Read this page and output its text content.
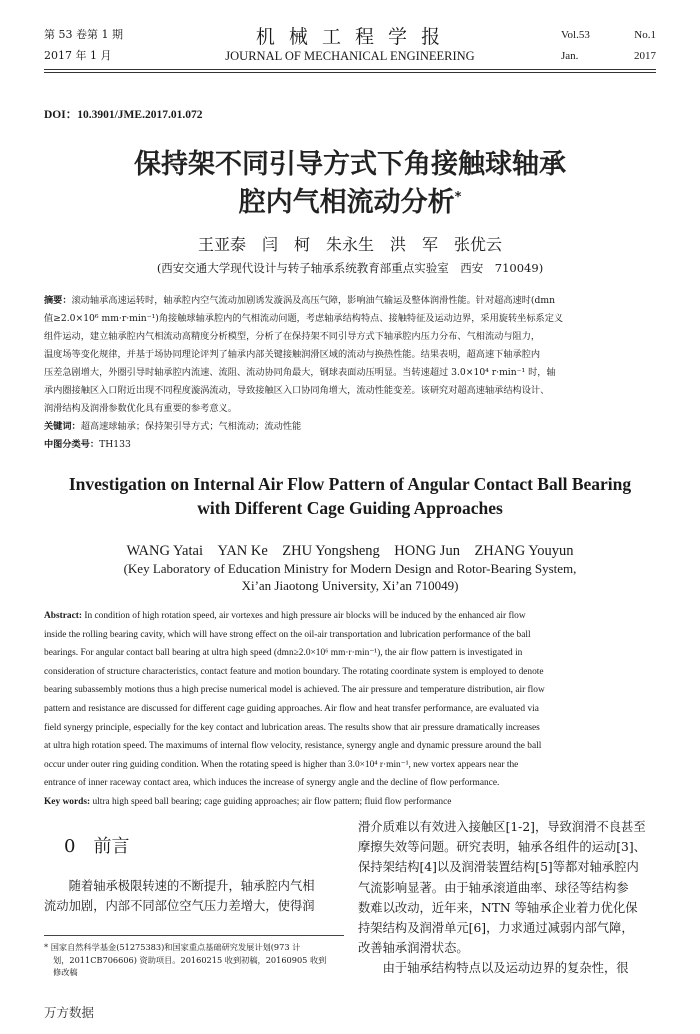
第 53 卷第 1 期
2017 年 1 月
机 械 工 程 学 报
JOURNAL OF MECHANICAL ENGINEERING
Vol.53	No.1
Jan.	2017
DOI：10.3901/JME.2017.01.072
保持架不同引导方式下角接触球轴承
腔内气相流动分析*
王亚泰　闫　柯　朱永生　洪　军　张优云
(西安交通大学现代设计与转子轴承系统教育部重点实验室　西安　710049)
摘要：滚动轴承高速运转时，轴承腔内空气流动加剧诱发漩涡及高压气障，影响油气输运及整体润滑性能。针对超高速时(dmn
值≥2.0×10⁶ mm·r·min⁻¹)角接触球轴承腔内的气相流动问题，考虑轴承结构特点、接触特征及运动边界，采用旋转坐标系定义
组件运动，建立轴承腔内气相流动高精度分析模型，分析了在保持架不同引导方式下轴承腔内压力分布、气相流动与阻力，
温度场等变化规律，并基于场协同理论评判了轴承内部关键接触润滑区域的流动与换热性能。结果表明，超高速下轴承腔内
压差急剧增大，外圈引导时轴承腔内流速、流阻、流动协同角最大，钢球表面动压明显。当转速超过 3.0×10⁴ r·min⁻¹ 时，轴
承内圈接触区入口附近出现不同程度漩涡流动，导致接触区入口协同角增大，流动性能变差。该研究对超高速轴承结构设计、
润滑结构及润滑参数优化具有重要的参考意义。
关键词：超高速球轴承；保持架引导方式；气相流动；流动性能
中图分类号：TH133
Investigation on Internal Air Flow Pattern of Angular Contact Ball Bearing
with Different Cage Guiding Approaches
WANG Yatai　YAN Ke　ZHU Yongsheng　HONG Jun　ZHANG Youyun
(Key Laboratory of Education Ministry for Modern Design and Rotor-Bearing System,
Xi’an Jiaotong University, Xi’an 710049)
Abstract: In condition of high rotation speed, air vortexes and high pressure air blocks will be induced by the enhanced air flow
inside the rolling bearing cavity, which will have strong effect on the oil-air transportation and lubrication performance of the ball
bearings. For angular contact ball bearing at ultra high speed (dmn≥2.0×10⁶ mm·r·min⁻¹), the air flow pattern is investigated in
consideration of structure characteristics, contact feature and motion boundary. The rotating coordinate system is employed to denote
bearing subassembly motions thus a high precise numerical model is achieved. The air pressure and temperature distribution, air flow
pattern and resistance are discussed for different cage guiding approaches. Air flow and heat transfer performance, are evaluated via
field synergy principle, especially for the key contact and lubrication areas. The results show that air pressure dramatically increases
at ultra high rotation speed. The maximums of internal flow velocity, resistance, synergy angle and dynamic pressure around the ball
occur under outer ring guiding condition. When the rotating speed is higher than 3.0×10⁴ r·min⁻¹, new vortex appears near the
entrance of inner raceway contact area, which induces the increase of synergy angle and the decline of flow performance.
Key words: ultra high speed ball bearing; cage guiding approaches; air flow pattern; fluid flow performance
0 前言
　　随着轴承极限转速的不断提升，轴承腔内气相
流动加剧，内部不同部位空气压力差增大，使得润
滑介质难以有效进入接触区[1-2]，导致润滑不良甚至
摩擦失效等问题。研究表明，轴承各组件的运动[3]、
保持架结构[4]以及润滑装置结构[5]等都对轴承腔内
气流影响显著。由于轴承滚道曲率、球径等结构参
数难以改动，近年来，NTN 等轴承企业着力优化保
持架结构及润滑单元[6]，力求通过减弱内部气障，
改善轴承润滑状态。
　　由于轴承结构特点以及运动边界的复杂性，很
* 国家自然科学基金(51275383)和国家重点基础研究发展计划(973 计
划，2011CB706606) 资助项目。20160215 收到初稿，20160905 收到
修改稿
万方数据
